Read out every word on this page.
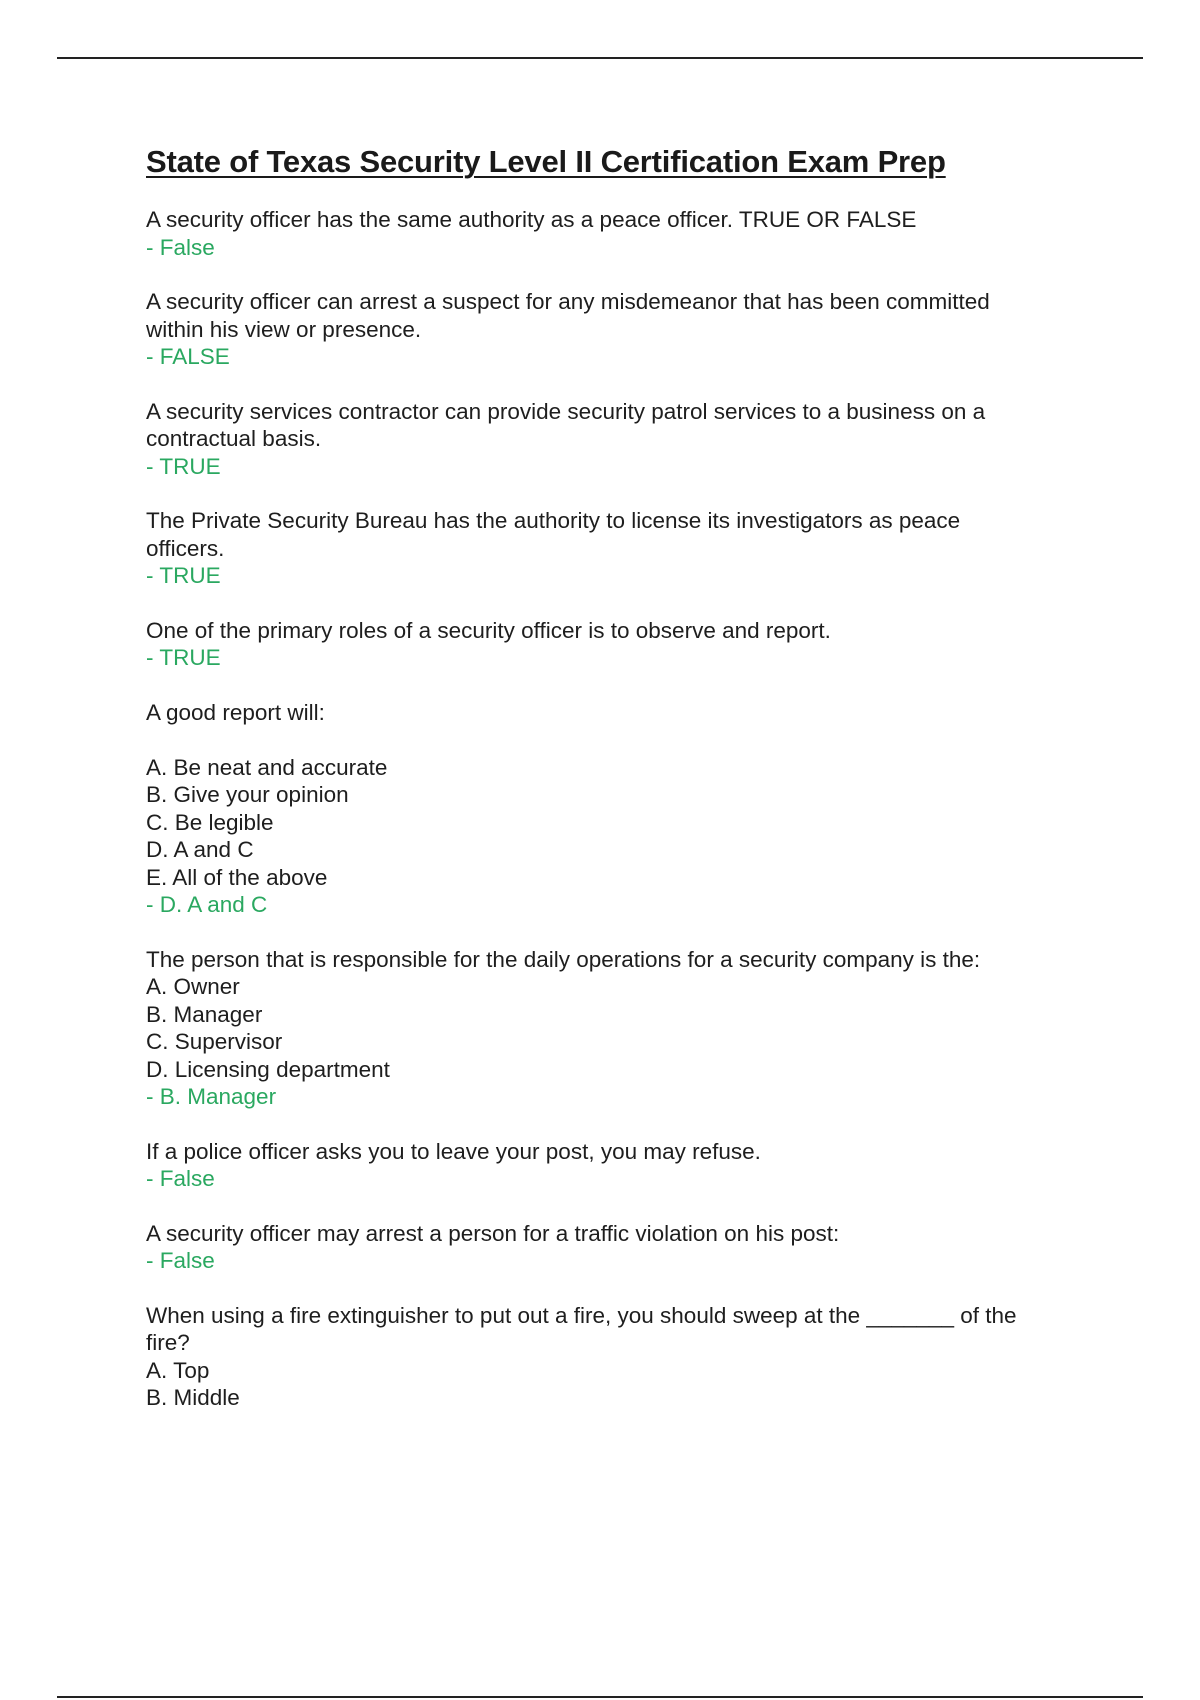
State of Texas Security Level II Certification Exam Prep
A security officer has the same authority as a peace officer. TRUE OR FALSE
- False
A security officer can arrest a suspect for any misdemeanor that has been committed
within his view or presence.
- FALSE
A security services contractor can provide security patrol services to a business on a
contractual basis.
- TRUE
The Private Security Bureau has the authority to license its investigators as peace
officers.
- TRUE
One of the primary roles of a security officer is to observe and report.
- TRUE
A good report will:
A. Be neat and accurate
B. Give your opinion
C. Be legible
D. A and C
E. All of the above
- D. A and C
The person that is responsible for the daily operations for a security company is the:
A. Owner
B. Manager
C. Supervisor
D. Licensing department
- B. Manager
If a police officer asks you to leave your post, you may refuse.
- False
A security officer may arrest a person for a traffic violation on his post:
- False
When using a fire extinguisher to put out a fire, you should sweep at the _______ of the
fire?
A. Top
B. Middle
